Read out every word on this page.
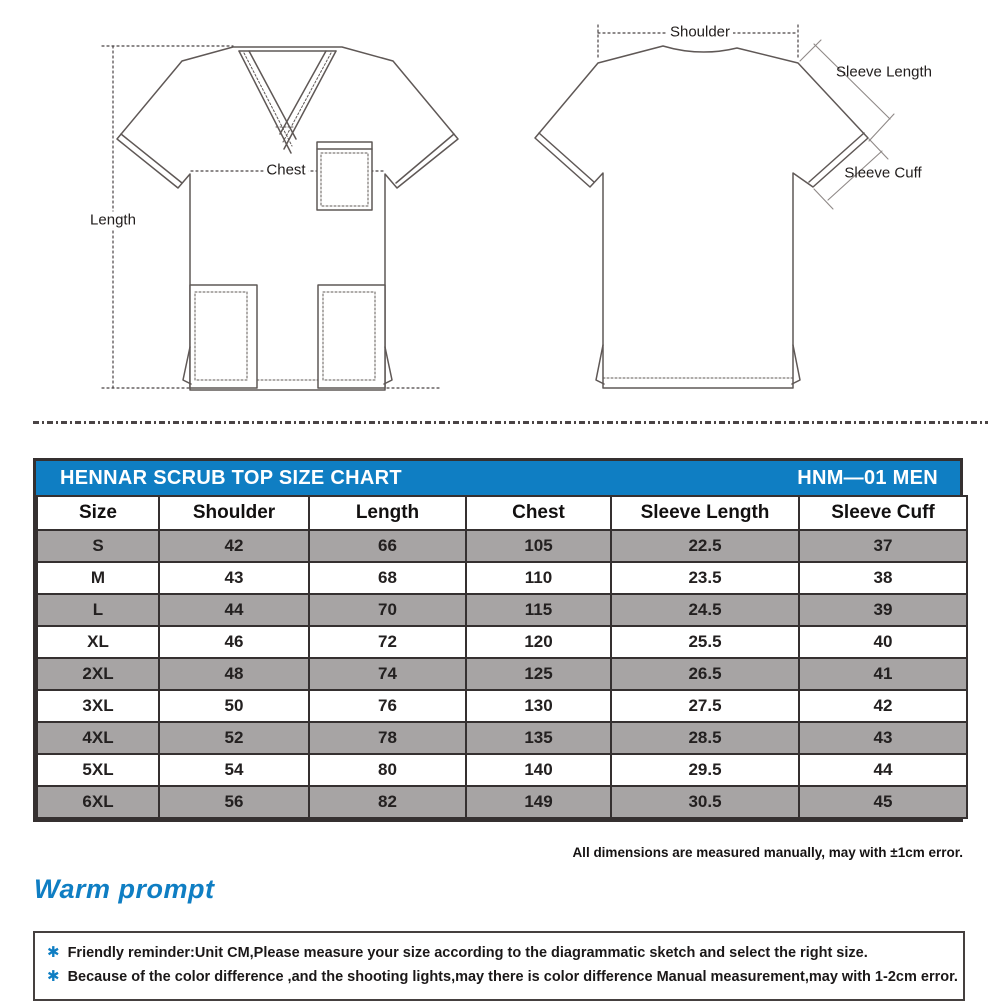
Chest
Length
Shoulder
Sleeve Length
Sleeve Cuff
HENNAR SCRUB TOP SIZE CHART	HNM—01 MEN
Size	Shoulder	Length	Chest	Sleeve Length	Sleeve Cuff
S	42	66	105	22.5	37
M	43	68	110	23.5	38
L	44	70	115	24.5	39
XL	46	72	120	25.5	40
2XL	48	74	125	26.5	41
3XL	50	76	130	27.5	42
4XL	52	78	135	28.5	43
5XL	54	80	140	29.5	44
6XL	56	82	149	30.5	45
All dimensions are measured manually, may with ±1cm error.
Warm prompt
✱ Friendly reminder:Unit CM,Please measure your size according to the diagrammatic sketch and select the right size.
✱ Because of the color difference ,and the shooting lights,may there is color difference Manual measurement,may with 1-2cm error.
